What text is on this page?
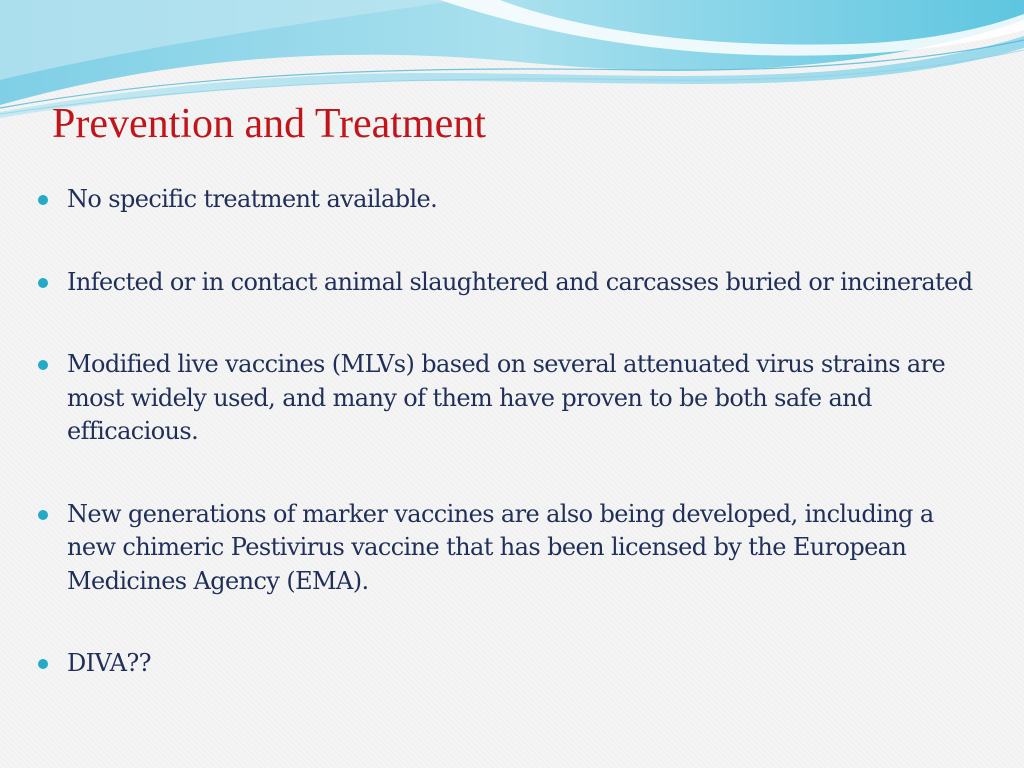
Prevention and Treatment
No specific treatment available.
Infected or in contact animal slaughtered and carcasses buried or incinerated
Modified live vaccines (MLVs) based on several attenuated virus strains are most widely used, and many of them have proven to be both safe and efficacious.
New generations of marker vaccines are also being developed, including a new chimeric Pestivirus vaccine that has been licensed by the European Medicines Agency (EMA).
DIVA??
